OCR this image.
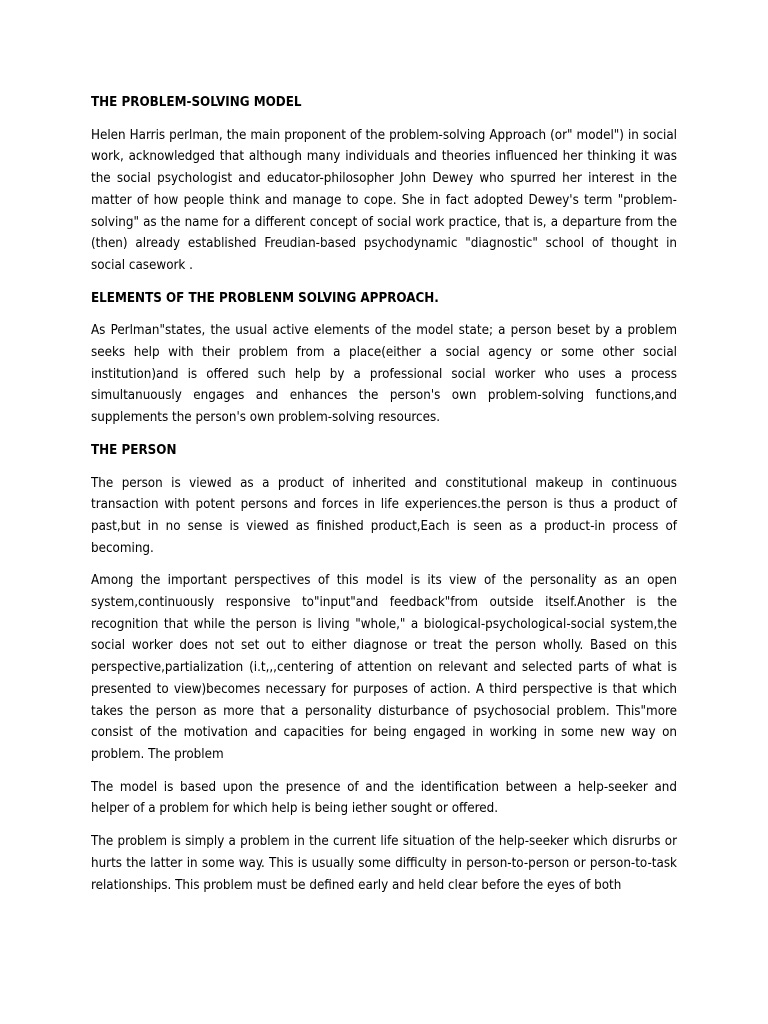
THE PROBLEM-SOLVING MODEL
Helen Harris perlman, the main proponent of the problem-solving Approach (or" model") in social work, acknowledged that although many individuals and theories influenced her thinking it was the social psychologist and educator-philosopher John Dewey who spurred her interest in the matter of how people think and manage to cope. She in fact adopted Dewey's term "problem-solving" as the name for a different concept of social work practice, that is, a departure from the (then) already established Freudian-based psychodynamic "diagnostic" school of thought in social casework .
ELEMENTS OF THE PROBLENM SOLVING APPROACH.
As Perlman"states, the usual active elements of the model state; a person beset by a problem seeks help with their problem from a place(either a social agency or some other social institution)and is offered such help by a professional social worker who uses a process simultanuously engages and enhances the person's own problem-solving functions,and supplements the person's own problem-solving resources.
THE PERSON
The person is viewed as a product of inherited and constitutional makeup in continuous transaction with potent persons and forces in life experiences.the person is thus a product of past,but in no sense is viewed as finished product,Each is seen as a product-in process of becoming.
Among the important perspectives of this model is its view of the personality as an open system,continuously responsive to"input"and feedback"from outside itself.Another is the recognition that while the person is living "whole," a biological-psychological-social system,the social worker does not set out to either diagnose or treat the person wholly. Based on this perspective,partialization (i.t,,,centering of attention on relevant and selected parts of what is presented to view)becomes necessary for purposes of action. A third perspective is that which takes the person as more that a personality disturbance of psychosocial problem. This"more consist of the motivation and capacities for being engaged in working in some new way on problem. The problem
The model is based upon the presence of and the identification between a help-seeker and helper of a problem for which help is being iether sought or offered.
The problem is simply a problem in the current life situation of the help-seeker which disrurbs or hurts the latter in some way. This is usually some difficulty in person-to-person or person-to-task relationships. This problem must be defined early and held clear before the eyes of both
